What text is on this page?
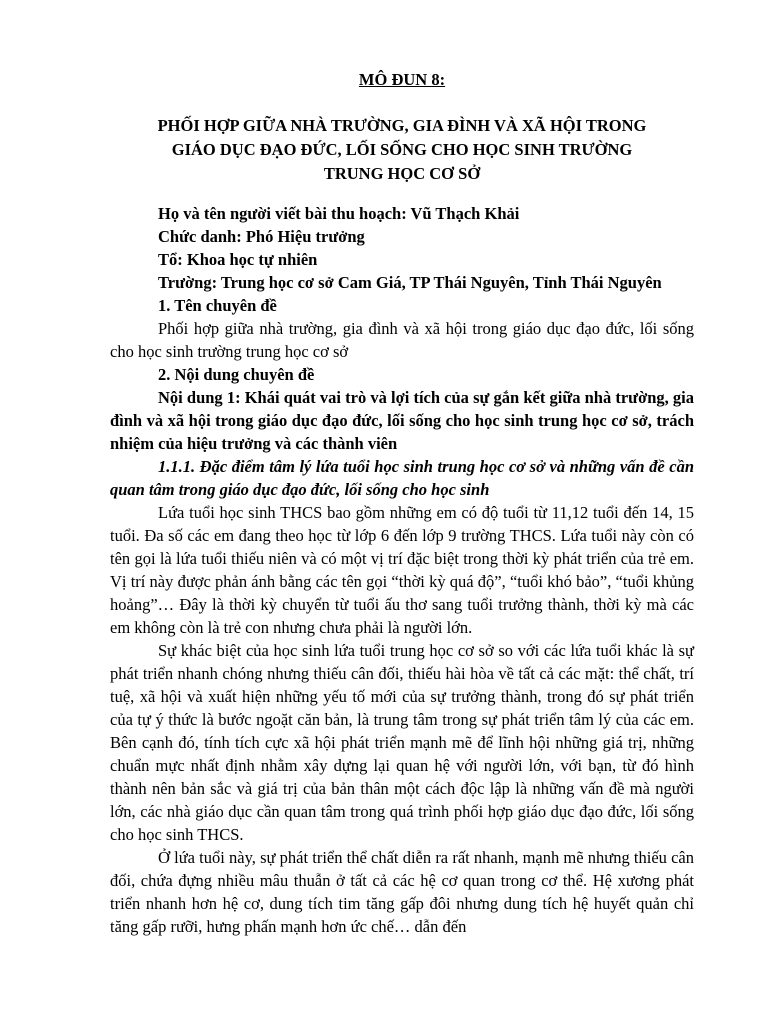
MÔ ĐUN 8:

PHỐI HỢP GIỮA NHÀ TRƯỜNG, GIA ĐÌNH VÀ XÃ HỘI TRONG
GIÁO DỤC ĐẠO ĐỨC, LỐI SỐNG CHO HỌC SINH TRƯỜNG
TRUNG HỌC CƠ SỞ

Họ và tên người viết bài thu hoạch: Vũ Thạch Khải

Chức danh: Phó Hiệu trưởng

Tổ: Khoa học tự nhiên

Trường: Trung học cơ sở Cam Giá, TP Thái Nguyên, Tỉnh Thái Nguyên

1. Tên chuyên đề

Phối hợp giữa nhà trường, gia đình và xã hội trong giáo dục đạo đức, lối sống cho học sinh trường trung học cơ sở

2. Nội dung chuyên đề

Nội dung 1: Khái quát vai trò và lợi tích của sự gắn kết giữa nhà trường, gia đình và xã hội trong giáo dục đạo đức, lối sống cho học sinh trung học cơ sở, trách nhiệm của hiệu trưởng và các thành viên

1.1.1. Đặc điểm tâm lý lứa tuổi học sinh trung học cơ sở và những vấn đề cần quan tâm trong giáo dục đạo đức, lối sống cho học sinh

Lứa tuổi học sinh THCS bao gồm những em có độ tuổi từ 11,12 tuổi đến 14, 15 tuổi. Đa số các em đang theo học từ lớp 6 đến lớp 9 trường THCS. Lứa tuổi này còn có tên gọi là lứa tuổi thiếu niên và có một vị trí đặc biệt trong thời kỳ phát triển của trẻ em. Vị trí này được phản ánh bằng các tên gọi “thời kỳ quá độ”, “tuổi khó bảo”, “tuổi khủng hoảng”… Đây là thời kỳ chuyển từ tuổi ấu thơ sang tuổi trưởng thành, thời kỳ mà các em không còn là trẻ con nhưng chưa phải là người lớn.

Sự khác biệt của học sinh lứa tuổi trung học cơ sở so với các lứa tuổi khác là sự phát triển nhanh chóng nhưng thiếu cân đối, thiếu hài hòa về tất cả các mặt: thể chất, trí tuệ, xã hội và xuất hiện những yếu tố mới của sự trưởng thành, trong đó sự phát triển của tự ý thức là bước ngoặt căn bản, là trung tâm trong sự phát triển tâm lý của các em. Bên cạnh đó, tính tích cực xã hội phát triển mạnh mẽ để lĩnh hội những giá trị, những chuẩn mực nhất định nhằm xây dựng lại quan hệ với người lớn, với bạn, từ đó hình thành nên bản sắc và giá trị của bản thân một cách độc lập là những vấn đề mà người lớn, các nhà giáo dục cần quan tâm trong quá trình phối hợp giáo dục đạo đức, lối sống cho học sinh THCS.

Ở lứa tuổi này, sự phát triển thể chất diễn ra rất nhanh, mạnh mẽ nhưng thiếu cân đối, chứa đựng nhiều mâu thuẫn ở tất cả các hệ cơ quan trong cơ thể. Hệ xương phát triển nhanh hơn hệ cơ, dung tích tim tăng gấp đôi nhưng dung tích hệ huyết quản chỉ tăng gấp rưỡi, hưng phấn mạnh hơn ức chế… dẫn đến
